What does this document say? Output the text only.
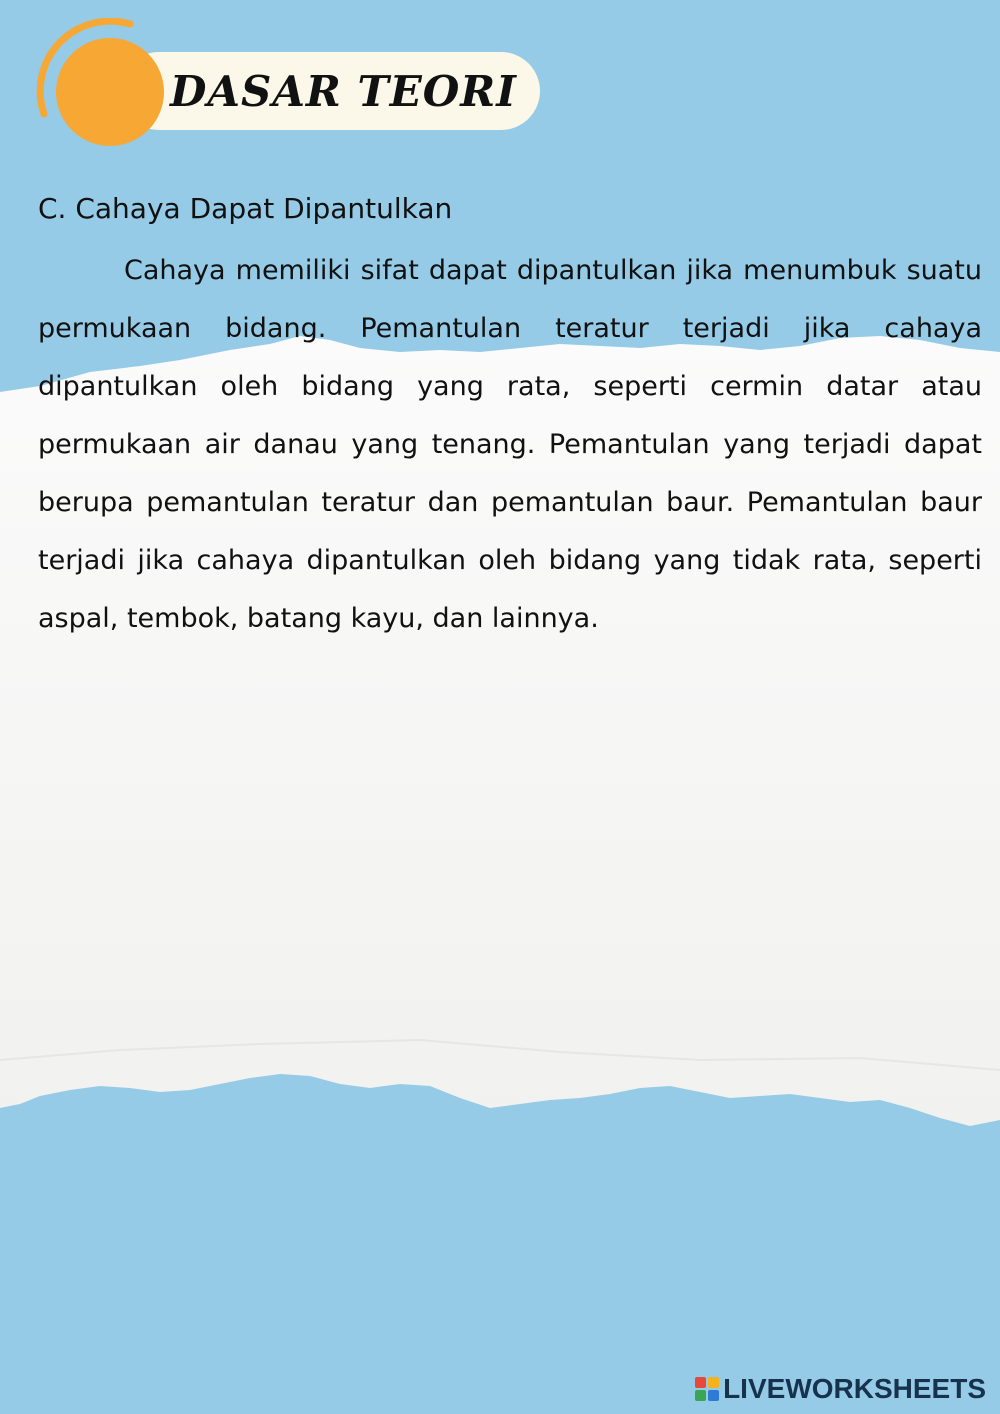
DASAR TEORI
C. Cahaya Dapat Dipantulkan

Cahaya memiliki sifat dapat dipantulkan jika menumbuk suatu permukaan bidang. Pemantulan teratur terjadi jika cahaya dipantulkan oleh bidang yang rata, seperti cermin datar atau permukaan air danau yang tenang. Pemantulan yang terjadi dapat berupa pemantulan teratur dan pemantulan baur. Pemantulan baur terjadi jika cahaya dipantulkan oleh bidang yang tidak rata, seperti aspal, tembok, batang kayu, dan lainnya.

LIVEWORKSHEETS
